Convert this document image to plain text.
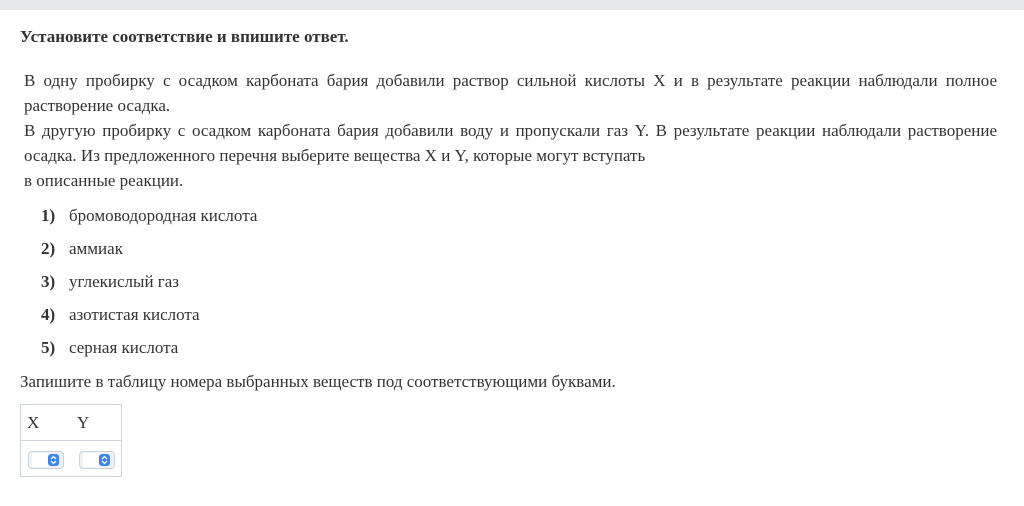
Установите соответствие и впишите ответ.
В одну пробирку с осадком карбоната бария добавили раствор сильной кислоты X и в результате реакции наблюдали полное растворение осадка.
В другую пробирку с осадком карбоната бария добавили воду и пропускали газ Y. В результате реакции наблюдали растворение осадка. Из предложенного перечня выберите вещества X и Y, которые могут вступать
в описанные реакции.
1) бромоводородная кислота
2) аммиак
3) углекислый газ
4) азотистая кислота
5) серная кислота
Запишите в таблицу номера выбранных веществ под соответствующими буквами.
X Y
